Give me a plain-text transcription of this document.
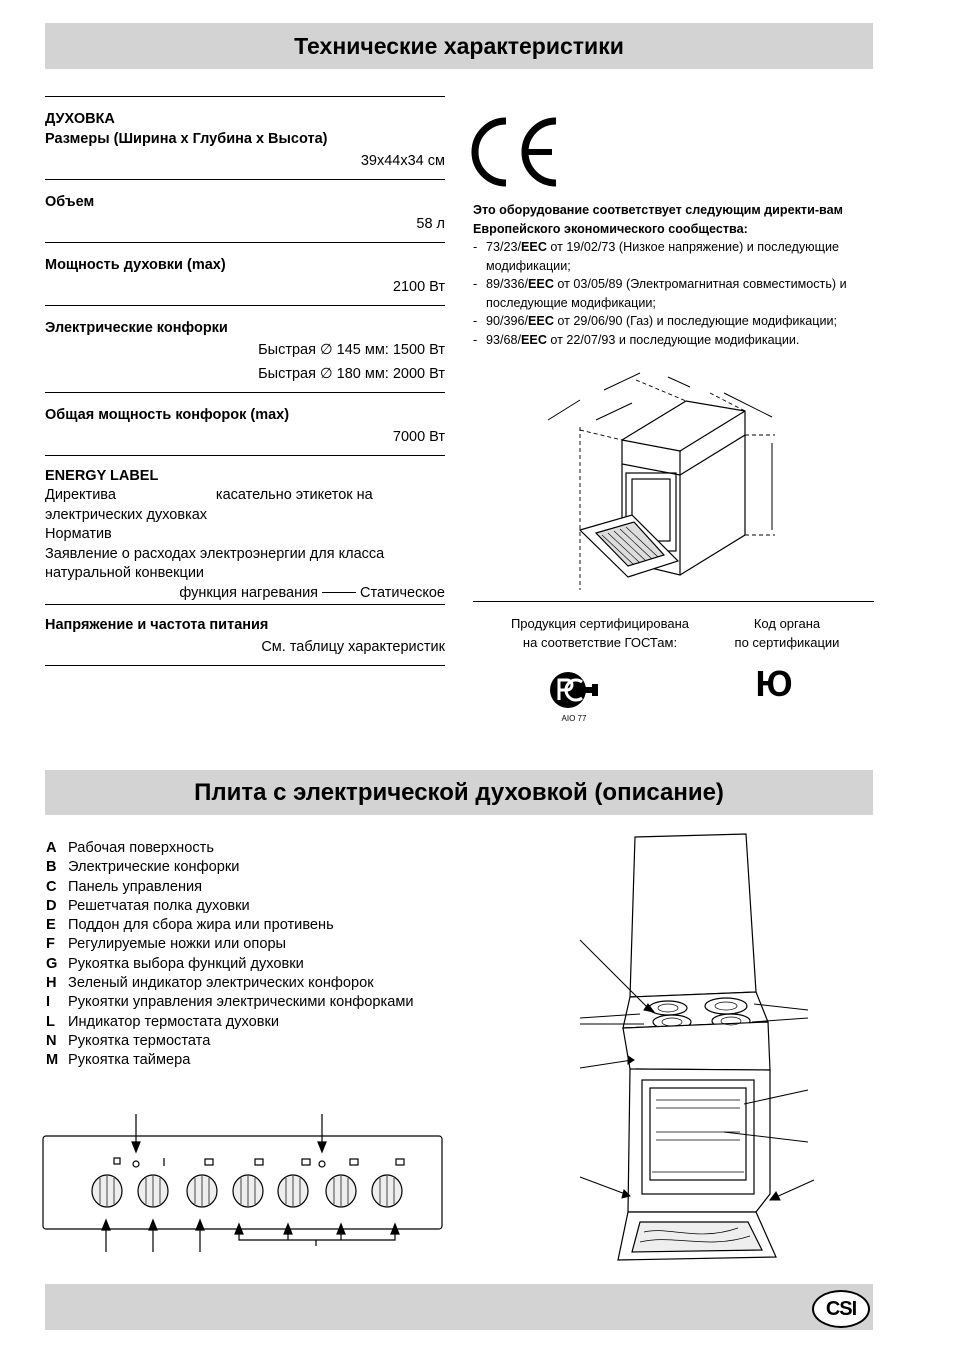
Технические характеристики
ДУХОВКА
Размеры (Ширина x Глубина x Высота)
39x44x34 см
Объем
58 л
Мощность духовки (max)
2100 Вт
Электрические конфорки
Быстрая ∅ 145 мм: 1500 Вт
Быстрая ∅ 180 мм: 2000 Вт
Общая мощность конфорок (max)
7000 Вт
ENERGY LABEL
Директива	касательно этикеток на
электрических духовках
Норматив
Заявление о расходах электроэнергии для класса
натуральной конвекции
функция нагревания	Статическое
Напряжение и частота питания
См. таблицу характеристик
Это оборудование соответствует следующим директи-вам Европейского экономического сообщества:
- 73/23/EEC от 19/02/73 (Низкое напряжение) и последующие модификации;
- 89/336/EEC от 03/05/89 (Электромагнитная совместимость) и последующие модификации;
- 90/396/EEC от 29/06/90 (Газ) и последующие модификации;
- 93/68/EEC от 22/07/93 и последующие модификации.
Продукция сертифицирована
на соответствие ГОСТам:
Код органа
по сертификации
AIO 77
Ю
Плита с электрической духовкой (описание)
A Рабочая поверхность
B Электрические конфорки
C Панель управления
D Решетчатая полка духовки
E Поддон для сбора жира или противень
F Регулируемые ножки или опоры
G Рукоятка выбора функций духовки
H Зеленый индикатор электрических конфорок
I Рукоятки управления электрическими конфорками
L Индикатор термостата духовки
N Рукоятка термостата
M Рукоятка таймера
CSI
